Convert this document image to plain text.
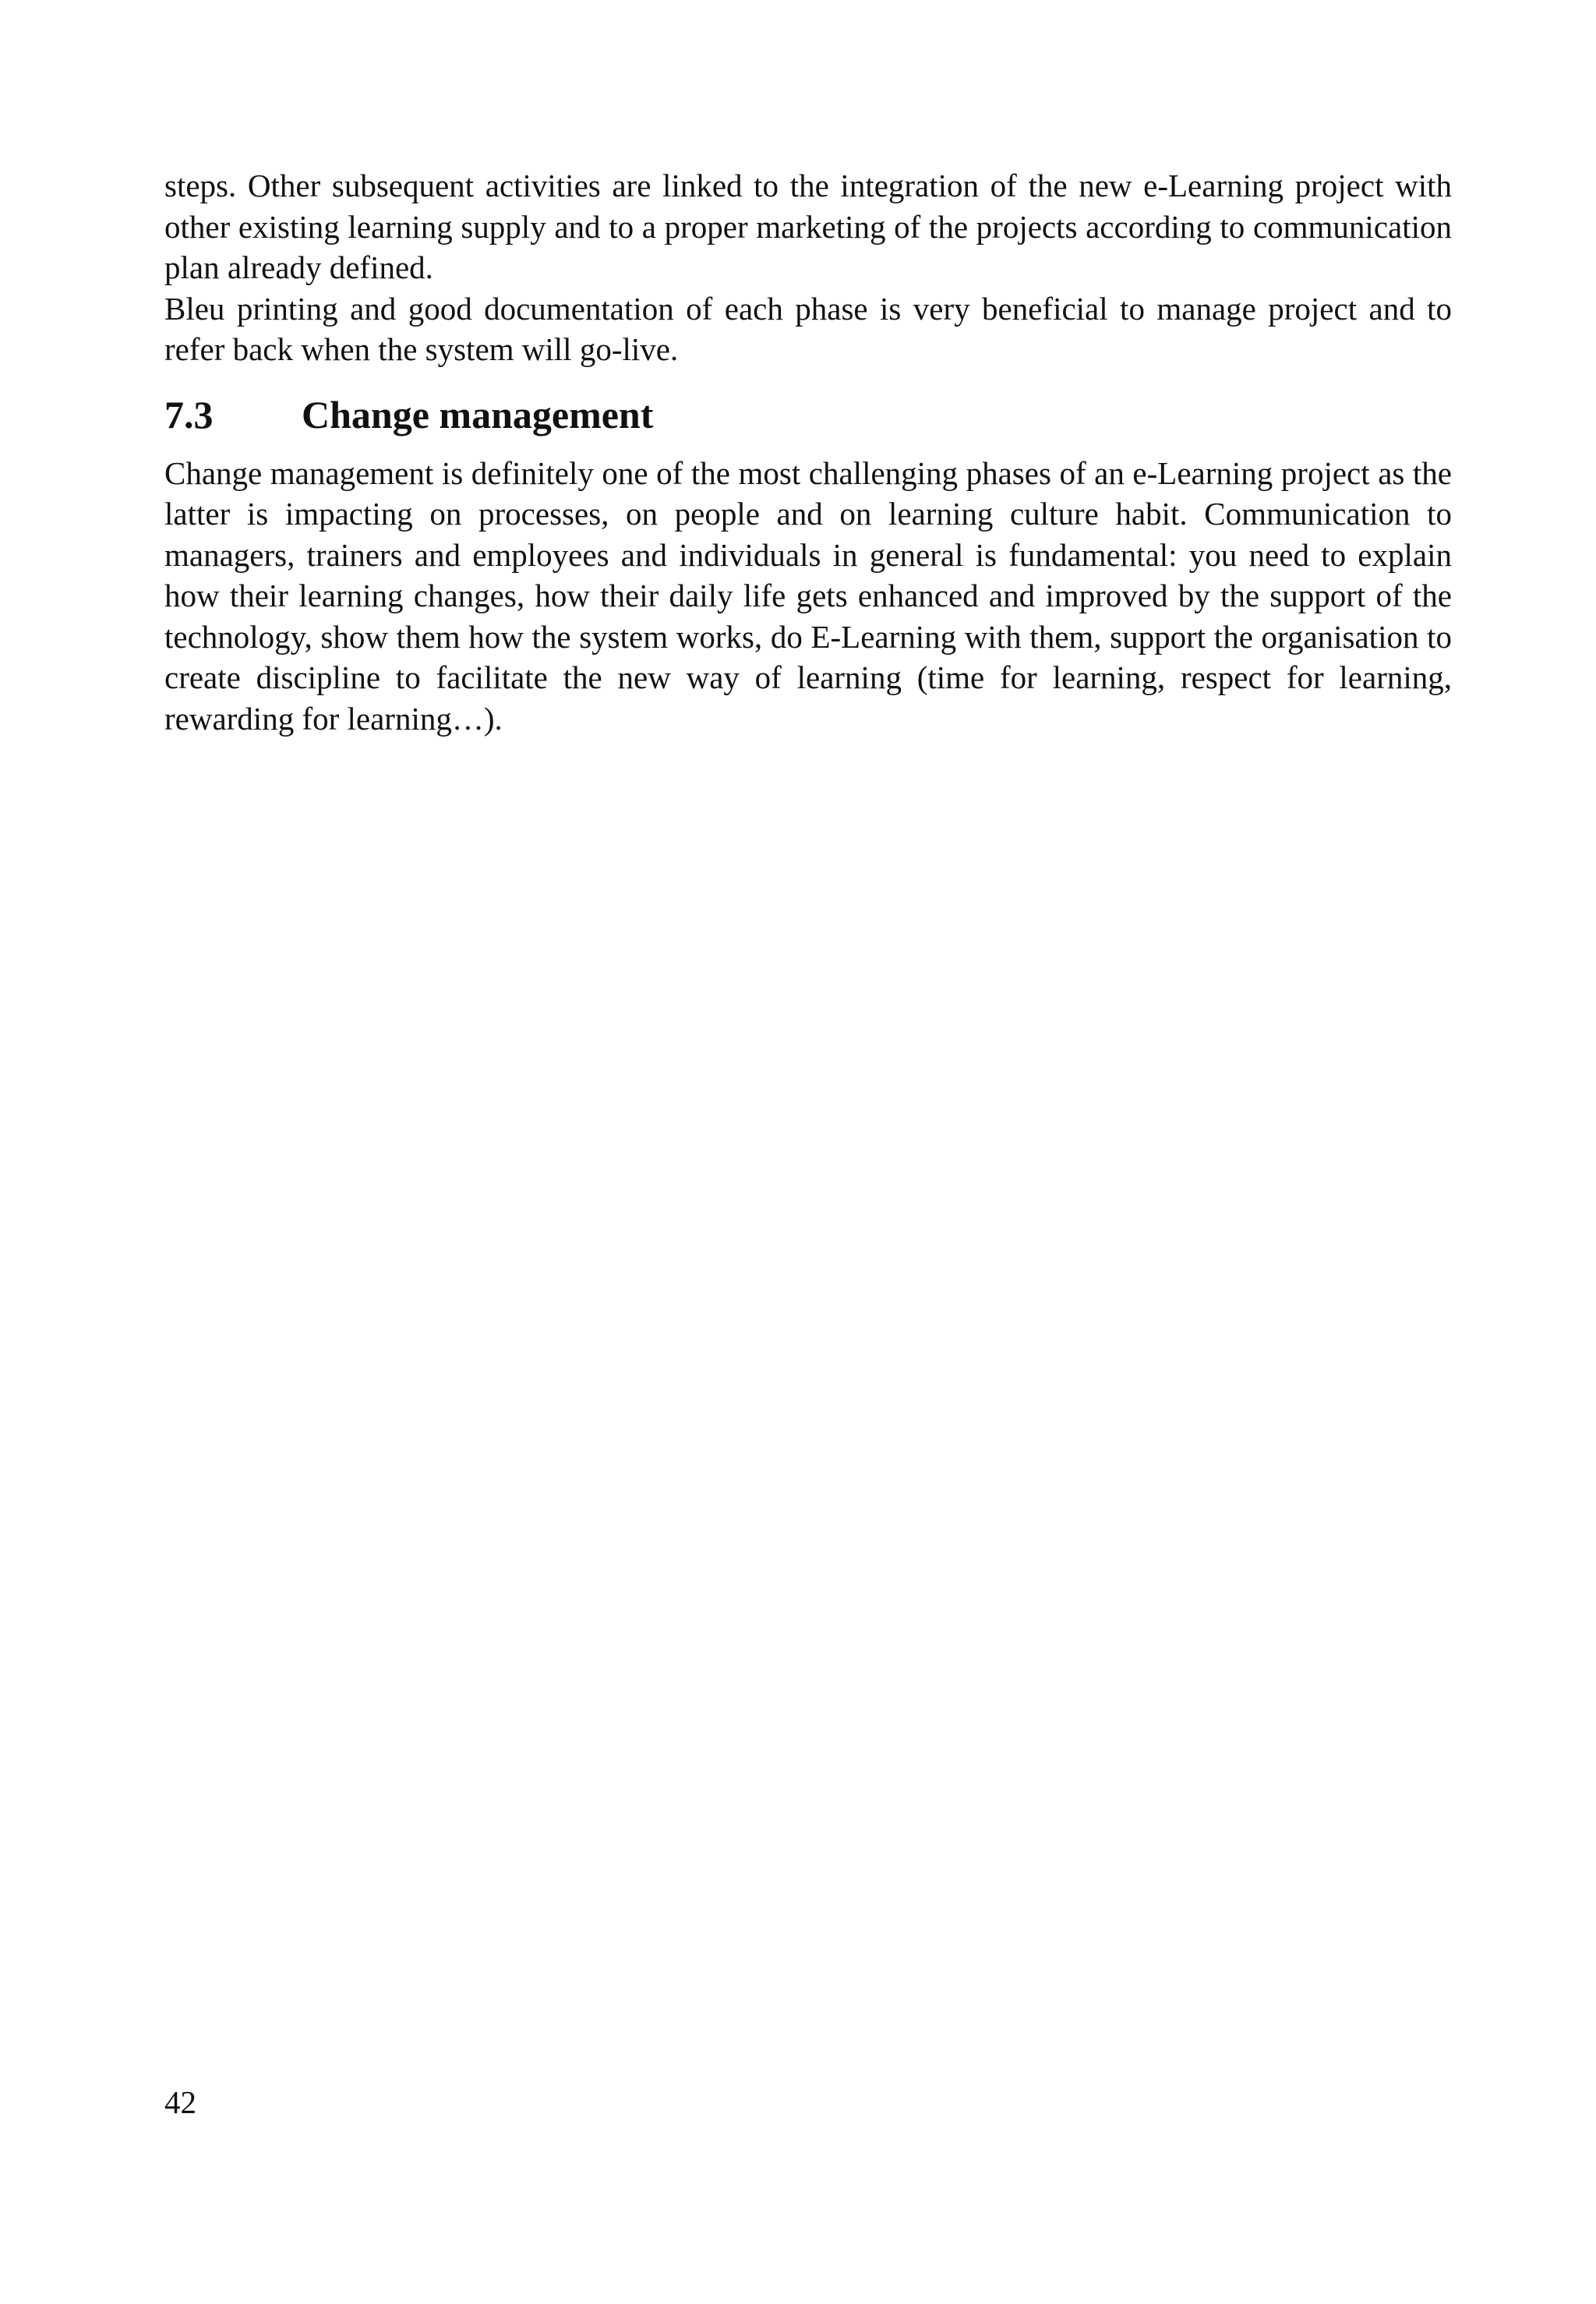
steps. Other subsequent activities are linked to the integration of the new e-Learning project with other existing learning supply and to a proper marketing of the projects according to communication plan already defined.

Bleu printing and good documentation of each phase is very beneficial to manage project and to refer back when the system will go-live.

7.3	Change management

Change management is definitely one of the most challenging phases of an e-Learning project as the latter is impacting on processes, on people and on learning culture habit. Communication to managers, trainers and employees and individuals in general is fundamental: you need to explain how their learning changes, how their daily life gets enhanced and improved by the support of the technology, show them how the system works, do E-Learning with them, support the organisation to create discipline to facilitate the new way of learning (time for learning, respect for learning, rewarding for learning…).

42
